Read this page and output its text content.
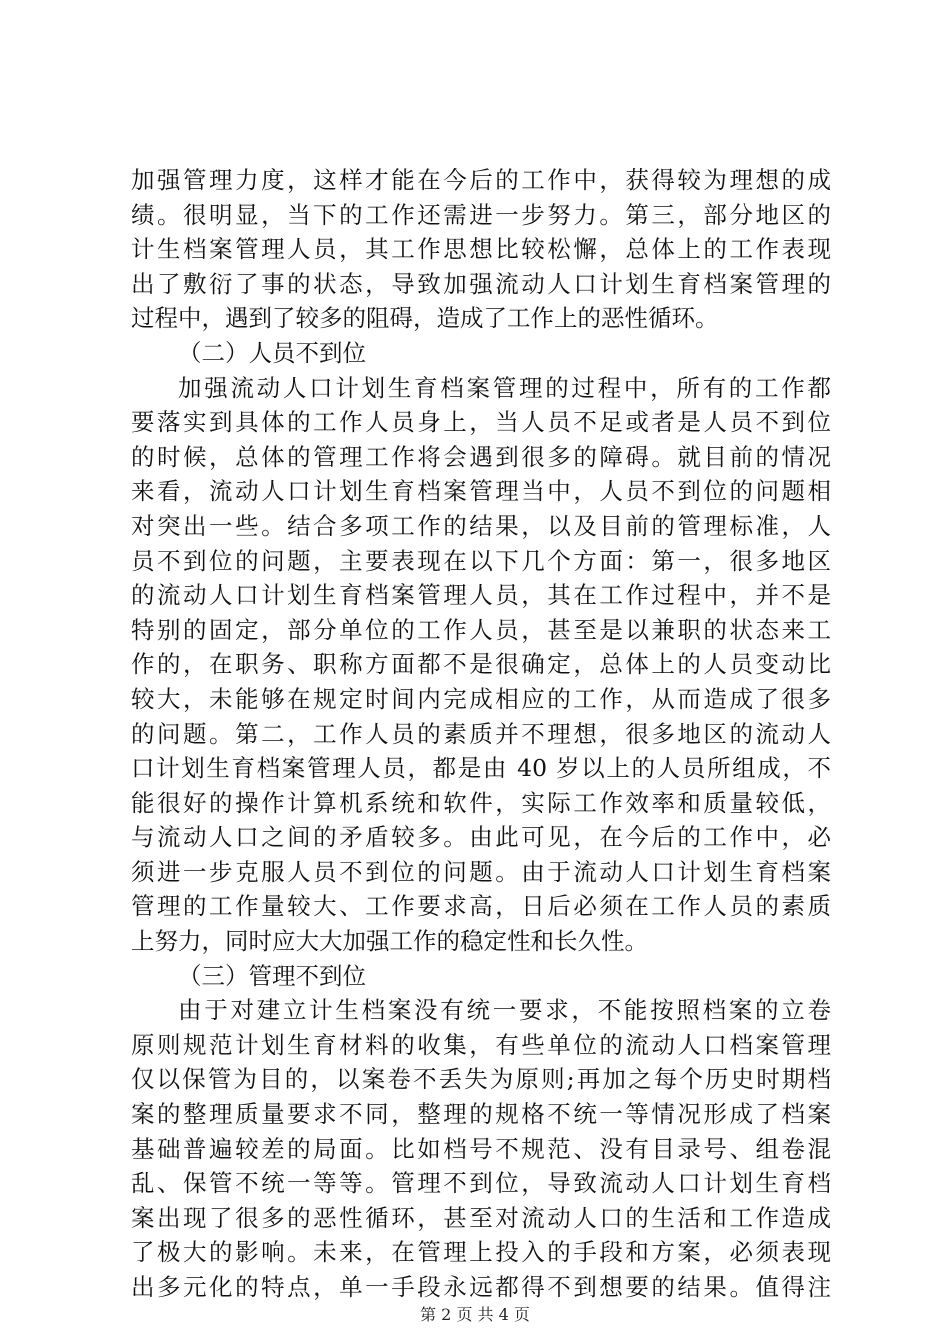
加强管理力度，这样才能在今后的工作中，获得较为理想的成
绩。很明显，当下的工作还需进一步努力。第三，部分地区的
计生档案管理人员，其工作思想比较松懈，总体上的工作表现
出了敷衍了事的状态，导致加强流动人口计划生育档案管理的
过程中，遇到了较多的阻碍，造成了工作上的恶性循环。
（二）人员不到位
加强流动人口计划生育档案管理的过程中，所有的工作都
要落实到具体的工作人员身上，当人员不足或者是人员不到位
的时候，总体的管理工作将会遇到很多的障碍。就目前的情况
来看，流动人口计划生育档案管理当中，人员不到位的问题相
对突出一些。结合多项工作的结果，以及目前的管理标准，人
员不到位的问题，主要表现在以下几个方面：第一，很多地区
的流动人口计划生育档案管理人员，其在工作过程中，并不是
特别的固定，部分单位的工作人员，甚至是以兼职的状态来工
作的，在职务、职称方面都不是很确定，总体上的人员变动比
较大，未能够在规定时间内完成相应的工作，从而造成了很多
的问题。第二，工作人员的素质并不理想，很多地区的流动人
口计划生育档案管理人员，都是由 40 岁以上的人员所组成，不
能很好的操作计算机系统和软件，实际工作效率和质量较低，
与流动人口之间的矛盾较多。由此可见，在今后的工作中，必
须进一步克服人员不到位的问题。由于流动人口计划生育档案
管理的工作量较大、工作要求高，日后必须在工作人员的素质
上努力，同时应大大加强工作的稳定性和长久性。
（三）管理不到位
由于对建立计生档案没有统一要求，不能按照档案的立卷
原则规范计划生育材料的收集，有些单位的流动人口档案管理
仅以保管为目的，以案卷不丢失为原则;再加之每个历史时期档
案的整理质量要求不同，整理的规格不统一等情况形成了档案
基础普遍较差的局面。比如档号不规范、没有目录号、组卷混
乱、保管不统一等等。管理不到位，导致流动人口计划生育档
案出现了很多的恶性循环，甚至对流动人口的生活和工作造成
了极大的影响。未来，在管理上投入的手段和方案，必须表现
出多元化的特点，单一手段永远都得不到想要的结果。值得注
第 2 页 共 4 页
